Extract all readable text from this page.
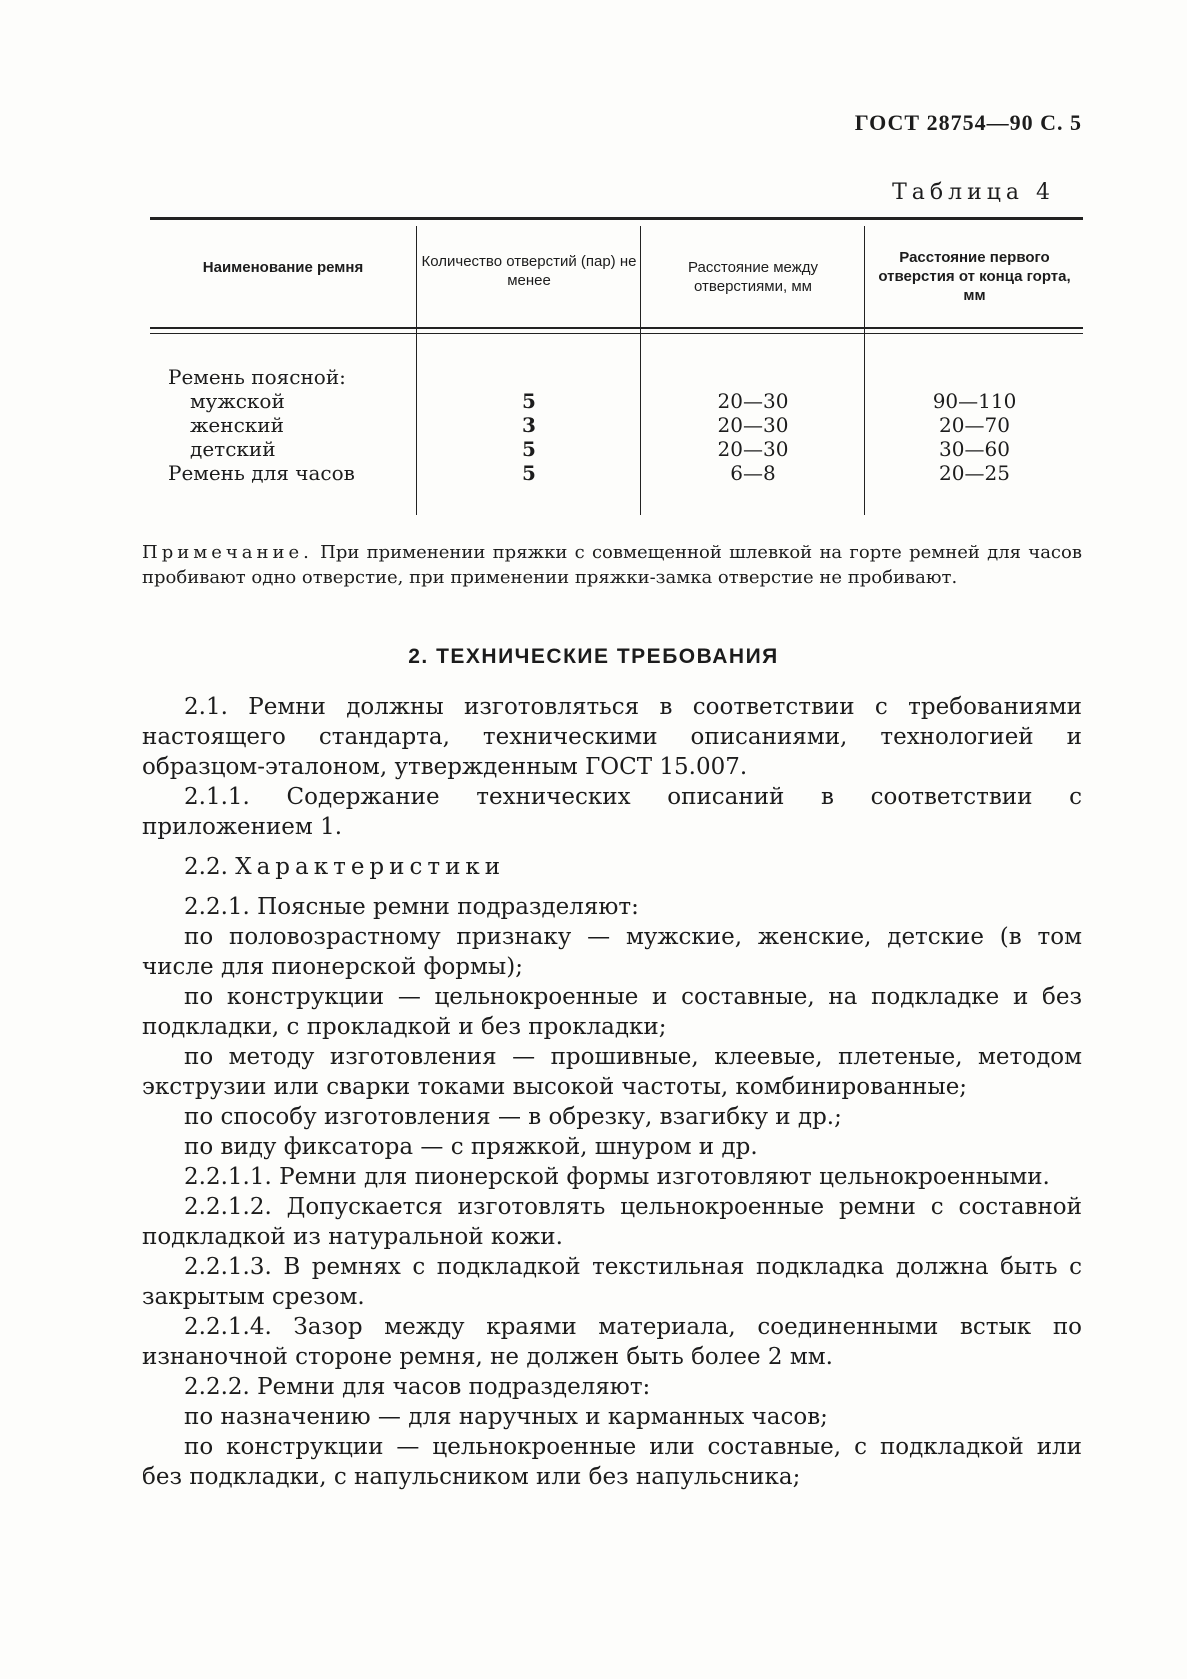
ГОСТ 28754—90 С. 5
Таблица 4
Наименование ремня	Количество отверстий (пар) не менее
Расстояние между отверстиями, мм
Расстояние первого отверстия от конца горта, мм
Ремень поясной:
мужской
женский
детский
Ремень для часов
5
3
5
5
20—30
20—30
20—30
6—8
90—110
20—70
30—60
20—25
Примечание. При применении пряжки с совмещенной шлевкой на горте ремней для часов пробивают одно отверстие, при применении пряжки-замка отверстие не пробивают.
2. ТЕХНИЧЕСКИЕ ТРЕБОВАНИЯ

2.1. Ремни должны изготовляться в соответствии с требованиями настоящего стандарта, техническими описаниями, технологией и образцом-эталоном, утвержденным ГОСТ 15.007.

2.1.1. Содержание технических описаний в соответствии с приложением 1.

2.2. Характеристики

2.2.1. Поясные ремни подразделяют:

по половозрастному признаку — мужские, женские, детские (в том числе для пионерской формы);

по конструкции — цельнокроенные и составные, на подкладке и без подкладки, с прокладкой и без прокладки;

по методу изготовления — прошивные, клеевые, плетеные, методом экструзии или сварки токами высокой частоты, комбинированные;

по способу изготовления — в обрезку, взагибку и др.;

по виду фиксатора — с пряжкой, шнуром и др.

2.2.1.1. Ремни для пионерской формы изготовляют цельнокроенными.

2.2.1.2. Допускается изготовлять цельнокроенные ремни с составной подкладкой из натуральной кожи.

2.2.1.3. В ремнях с подкладкой текстильная подкладка должна быть с закрытым срезом.

2.2.1.4. Зазор между краями материала, соединенными встык по изнаночной стороне ремня, не должен быть более 2 мм.

2.2.2. Ремни для часов подразделяют:

по назначению — для наручных и карманных часов;

по конструкции — цельнокроенные или составные, с подкладкой или без подкладки, с напульсником или без напульсника;
